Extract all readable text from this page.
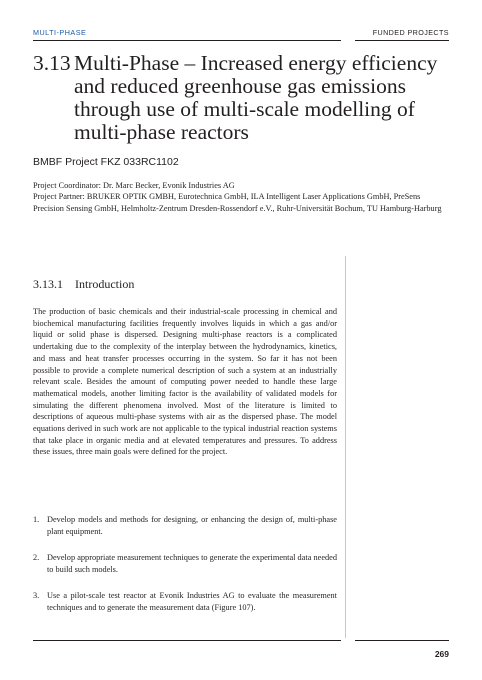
MULTI-PHASE	FUNDED PROJECTS
3.13 Multi-Phase – Increased energy efficiency and reduced greenhouse gas emissions through use of multi-scale modelling of multi-phase reactors
BMBF Project FKZ 033RC1102

Project Coordinator: Dr. Marc Becker, Evonik Industries AG

Project Partner: BRUKER OPTIK GMBH, Eurotechnica GmbH, ILA Intelligent Laser Applications GmbH, PreSens Precision Sensing GmbH, Helmholtz-Zentrum Dresden-Rossendorf e.V., Ruhr-Universität Bochum, TU Hamburg-Harburg

3.13.1 Introduction

The production of basic chemicals and their industrial-scale processing in chemical and biochemical manufacturing facilities frequently involves liquids in which a gas and/or liquid or solid phase is dispersed. Designing multi-phase reactors is a complicated undertaking due to the complexity of the interplay between the hydrodynamics, kinetics, and mass and heat transfer processes occurring in the system. So far it has not been possible to provide a complete numerical description of such a system at an industrially relevant scale. Besides the amount of computing power needed to handle these large mathematical models, another limiting factor is the availability of validated models for simulating the different phenomena involved. Most of the literature is limited to descriptions of aqueous multi-phase systems with air as the dispersed phase. The model equations derived in such work are not applicable to the typical industrial reaction systems that take place in organic media and at elevated temperatures and pressures. To address these issues, three main goals were defined for the project.

1. Develop models and methods for designing, or enhancing the design of, multi-phase plant equipment.
2. Develop appropriate measurement techniques to generate the experimental data needed to build such models.
3. Use a pilot-scale test reactor at Evonik Industries AG to evaluate the measurement techniques and to generate the measurement data (Figure 107).
269
